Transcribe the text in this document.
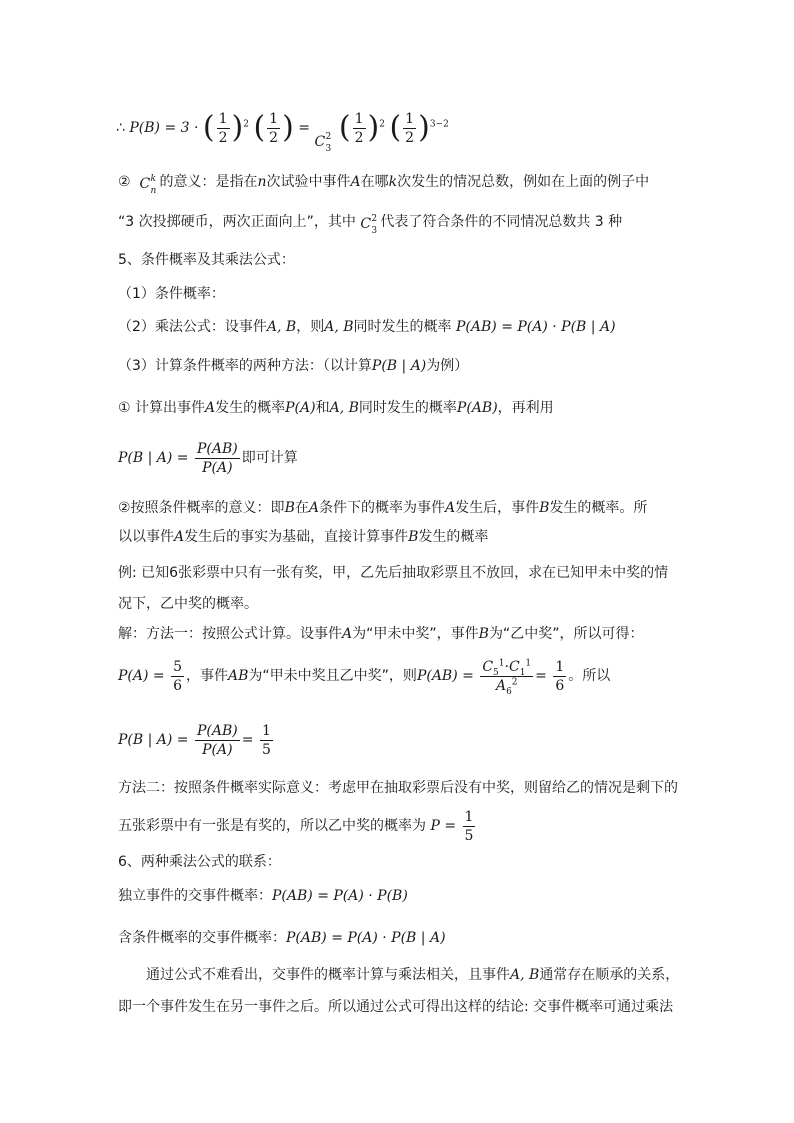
∴ P(B) = 3 · ( $\frac{1}{2} )^2$ ( $\frac{1}{2}$ ) =
C 2
3
( $\frac{1}{2} )^2$ ( $\frac{1}{2} )^{3-2}$
② C k
n
的意义：是指在n次试验中事件A在哪k次发生的情况总数，例如在上面的例子中
“3 次投掷硬币，两次正面向上”，其中 C 2
3
代表了符合条件的不同情况总数共 3 种
5、条件概率及其乘法公式：
（1）条件概率：
（2）乘法公式：设事件A, B，则A, B同时发生的概率 P(AB) = P(A) · P(B | A)
（3）计算条件概率的两种方法：（以计算P(B | A)为例）
① 计算出事件A发生的概率P(A)和A, B同时发生的概率P(AB)，再利用
P(B | $A) = \frac{P(AB)}{P(A)}$ 即可计算
②按照条件概率的意义：即B在A条件下的概率为事件A发生后，事件B发生的概率。所
以以事件A发生后的事实为基础，直接计算事件B发生的概率
例: 已知6张彩票中只有一张有奖，甲，乙先后抽取彩票且不放回，求在已知甲未中奖的情
况下，乙中奖的概率。
解：方法一：按照公式计算。设事件A为“甲未中奖”，事件B为“乙中奖”，所以可得：
$P(A) = \frac{5}{6}$ ，事件AB为“甲未中奖且乙中奖”，则$P(AB) = \frac{C_5^1\cdot C_1^1}{A_6^2} = \frac{1}{6}$ 。所以
P(B | $A) = \frac{P(AB)}{P(A)} = \frac{1}{5}$
方法二：按照条件概率实际意义：考虑甲在抽取彩票后没有中奖，则留给乙的情况是剩下的
五张彩票中有一张是有奖的，所以乙中奖的概率为 $P = \frac{1}{5}$
6、两种乘法公式的联系：
独立事件的交事件概率：P(AB) = P(A) · P(B)
含条件概率的交事件概率：P(AB) = P(A) · P(B | A)
通过公式不难看出，交事件的概率计算与乘法相关，且事件A, B通常存在顺承的关系，
即一个事件发生在另一事件之后。所以通过公式可得出这样的结论: 交事件概率可通过乘法
